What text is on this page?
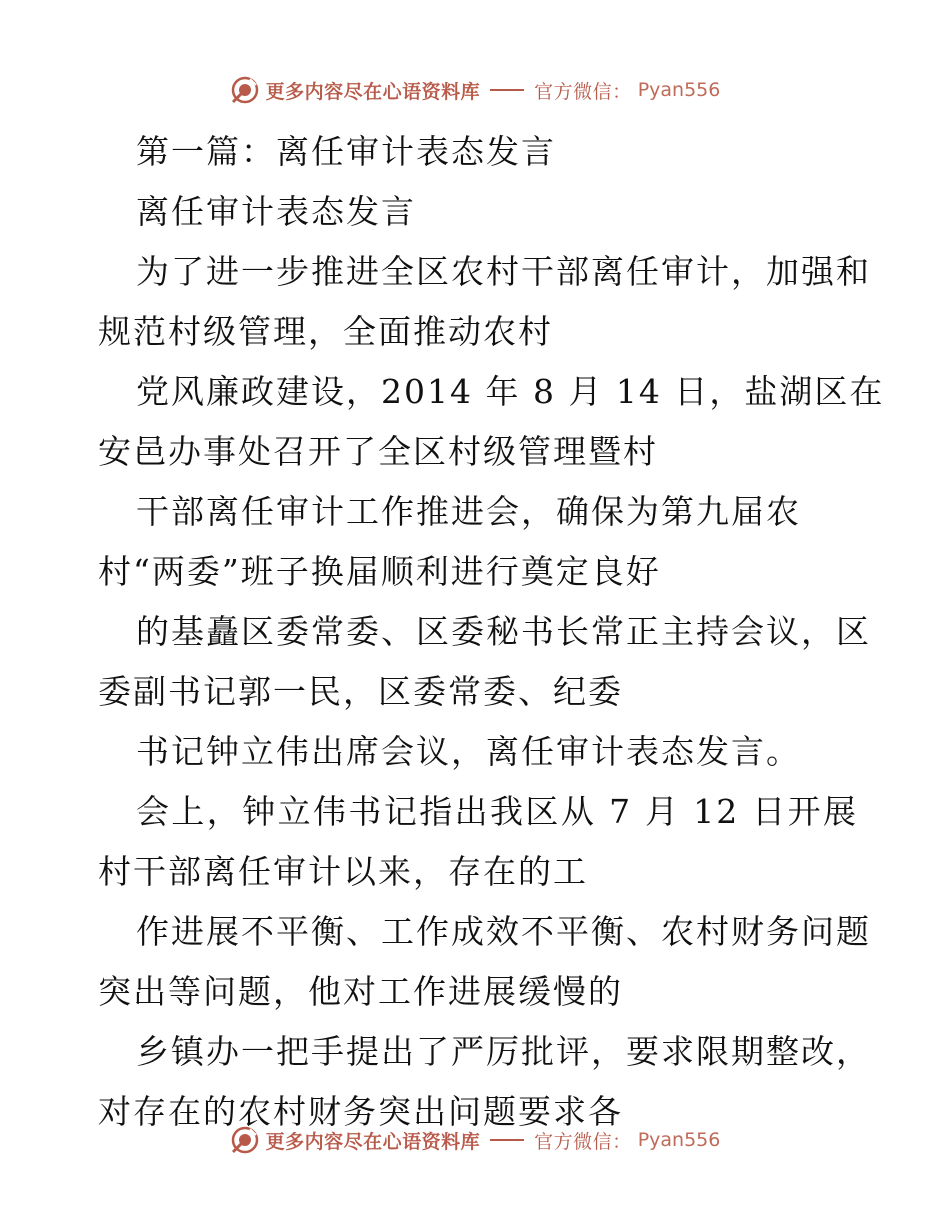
更多内容尽在心语资料库	官方微信： Pyan556
第一篇：离任审计表态发言
离任审计表态发言
为了进一步推进全区农村干部离任审计，加强和
规范村级管理，全面推动农村
党风廉政建设，2014 年 8 月 14 日，盐湖区在
安邑办事处召开了全区村级管理暨村
干部离任审计工作推进会，确保为第九届农
村“两委”班子换届顺利进行奠定良好
的基矗区委常委、区委秘书长常正主持会议，区
委副书记郭一民，区委常委、纪委
书记钟立伟出席会议，离任审计表态发言。
会上，钟立伟书记指出我区从 7 月 12 日开展
村干部离任审计以来，存在的工
作进展不平衡、工作成效不平衡、农村财务问题
突出等问题，他对工作进展缓慢的
乡镇办一把手提出了严厉批评，要求限期整改，
对存在的农村财务突出问题要求各
更多内容尽在心语资料库	官方微信： Pyan556
